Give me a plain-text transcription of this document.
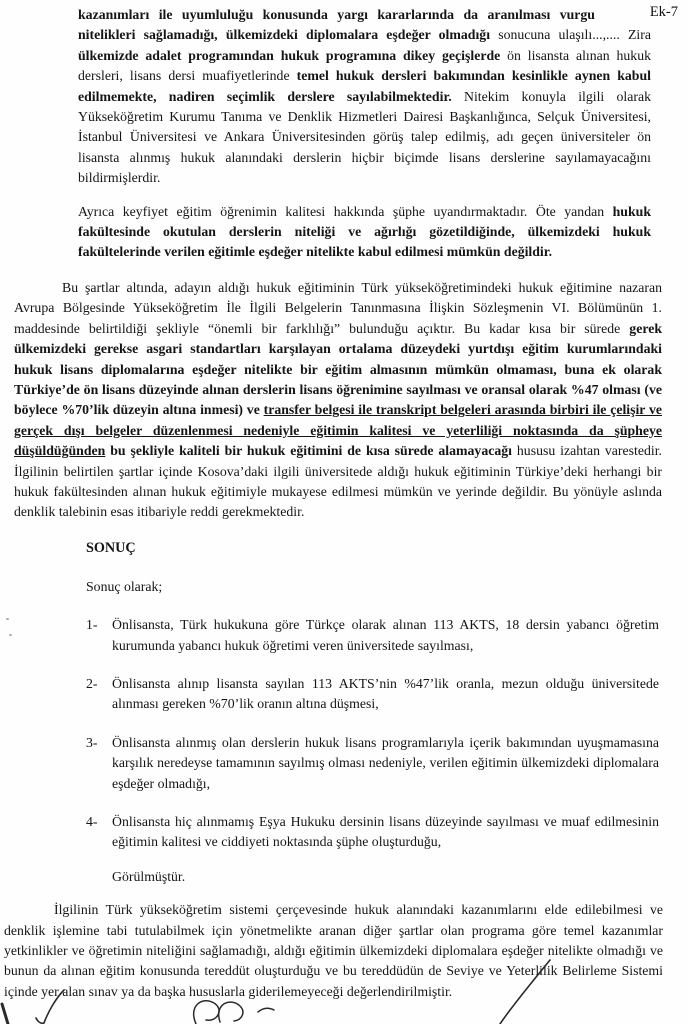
Ek-7

kazanımları ile uyumluluğu konusunda yargı kararlarında da aranılması vurgu nitelikleri sağlamadığı, ülkemizdeki diplomalara eşdeğer olmadığı sonucuna ulaşılı...,.... Zira ülkemizde adalet programından hukuk programına dikey geçişlerde ön lisansta alınan hukuk dersleri, lisans dersi muafiyetlerinde temel hukuk dersleri bakımından kesinlikle aynen kabul edilmemekte, nadiren seçimlik derslere sayılabilmektedir. Nitekim konuyla ilgili olarak Yükseköğretim Kurumu Tanıma ve Denklik Hizmetleri Dairesi Başkanlığınca, Selçuk Üniversitesi, İstanbul Üniversitesi ve Ankara Üniversitesinden görüş talep edilmiş, adı geçen üniversiteler ön lisansta alınmış hukuk alanındaki derslerin hiçbir biçimde lisans derslerine sayılamayacağını bildirmişlerdir.

Ayrıca keyfiyet eğitim öğrenimin kalitesi hakkında şüphe uyandırmaktadır. Öte yandan hukuk fakültesinde okutulan derslerin niteliği ve ağırlığı gözetildiğinde, ülkemizdeki hukuk fakültelerinde verilen eğitimle eşdeğer nitelikte kabul edilmesi mümkün değildir.

Bu şartlar altında, adayın aldığı hukuk eğitiminin Türk yükseköğretimindeki hukuk eğitimine nazaran Avrupa Bölgesinde Yükseköğretim İle İlgili Belgelerin Tanınmasına İlişkin Sözleşmenin VI. Bölümünün 1. maddesinde belirtildiği şekliyle “önemli bir farklılığı” bulunduğu açıktır. Bu kadar kısa bir sürede gerek ülkemizdeki gerekse asgari standartları karşılayan ortalama düzeydeki yurtdışı eğitim kurumlarındaki hukuk lisans diplomalarına eşdeğer nitelikte bir eğitim almasının mümkün olmaması, buna ek olarak Türkiye’de ön lisans düzeyinde alınan derslerin lisans öğrenimine sayılması ve oransal olarak %47 olması (ve böylece %70’lik düzeyin altına inmesi) ve transfer belgesi ile transkript belgeleri arasında birbiri ile çelişir ve gerçek dışı belgeler düzenlenmesi nedeniyle eğitimin kalitesi ve yeterliliği noktasında da şüpheye düşüldüğünden bu şekliyle kaliteli bir hukuk eğitimini de kısa sürede alamayacağı hususu izahtan varestedir. İlgilinin belirtilen şartlar içinde Kosova’daki ilgili üniversitede aldığı hukuk eğitiminin Türkiye’deki herhangi bir hukuk fakültesinden alınan hukuk eğitimiyle mukayese edilmesi mümkün ve yerinde değildir. Bu yönüyle aslında denklik talebinin esas itibariyle reddi gerekmektedir.

SONUÇ

Sonuç olarak;

1-	Önlisansta, Türk hukukuna göre Türkçe olarak alınan 113 AKTS, 18 dersin yabancı öğretim kurumunda yabancı hukuk öğretimi veren üniversitede sayılması,

2-	Önlisansta alınıp lisansta sayılan 113 AKTS’nin %47’lik oranla, mezun olduğu üniversitede alınması gereken %70’lik oranın altına düşmesi,

3-	Önlisansta alınmış olan derslerin hukuk lisans programlarıyla içerik bakımından uyuşmamasına karşılık neredeyse tamamının sayılmış olması nedeniyle, verilen eğitimin ülkemizdeki diplomalara eşdeğer olmadığı,

4-	Önlisansta hiç alınmamış Eşya Hukuku dersinin lisans düzeyinde sayılması ve muaf edilmesinin eğitimin kalitesi ve ciddiyeti noktasında şüphe oluşturduğu,

Görülmüştür.

İlgilinin Türk yükseköğretim sistemi çerçevesinde hukuk alanındaki kazanımlarını elde edilebilmesi ve denklik işlemine tabi tutulabilmek için yönetmelikte aranan diğer şartlar olan programa göre temel kazanımlar yetkinlikler ve öğretimin niteliğini sağlamadığı, aldığı eğitimin ülkemizdeki diplomalara eşdeğer nitelikte olmadığı ve bunun da alınan eğitim konusunda tereddüt oluşturduğu ve bu tereddüdün de Seviye ve Yeterlilik Belirleme Sistemi içinde yer alan sınav ya da başka hususlarla giderilemeyeceği değerlendirilmiştir.
